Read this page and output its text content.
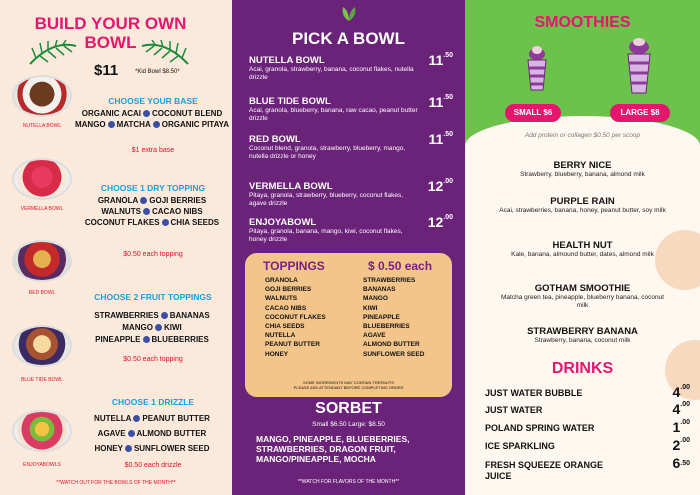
BUILD YOUR OWN
BOWL
$11	*Kid Bowl $8.50*
NUTELLA BOWL
VERMELLA BOWL
RED BOWL
BLUE TIDE BOWL
ENJOYABOWLS
CHOOSE YOUR BASE
ORGANIC ACAI COCONUT BLEND
MANGO MATCHA ORGANIC PITAYA
$1 extra base
CHOOSE 1 DRY TOPPING
GRANOLA GOJI BERRIES
WALNUTS CACAO NIBS
COCONUT FLAKES CHIA SEEDS
$0.50 each topping
CHOOSE 2 FRUIT TOPPINGS
STRAWBERRIES BANANAS
MANGO KIWI
PINEAPPLE BLUEBERRIES
$0.50 each topping
CHOOSE 1 DRIZZLE
NUTELLA PEANUT BUTTER
AGAVE ALMOND BUTTER
HONEY SUNFLOWER SEED
$0.50 each drizzle
**WATCH OUT FOR THE BOWLS OF THE MONTH**
PICK A BOWL
NUTELLA BOWL
Acai, granola, strawberry, banana, coconut flakes, nutella drizzle
$11^{.50}$
BLUE TIDE BOWL
Acai, granola, blueberry, banana, raw cacao, peanut butter drizzle
$11^{.50}$
RED BOWL
Coconut blend, granola, strawberry, blueberry, mango, nutella drizzle or honey
$11^{.50}$
VERMELLA BOWL
Pitaya, granola, strawberry, blueberry, coconut flakes, agave drizzle
$12^{.00}$
ENJOYABOWL
Pitaya, granola, banana, mango, kiwi, coconut flakes, honey drizzle
$12^{.00}$
TOPPINGS	$ 0.50 each
GRANOLA
GOJI BERRIES
WALNUTS
CACAO NIBS
COCONUT FLAKES
CHIA SEEDS
NUTELLA
PEANUT BUTTER
HONEY
STRAWBERRIES
BANANAS
MANGO
KIWI
PINEAPPLE
BLUEBERRIES
AGAVE
ALMOND BUTTER
SUNFLOWER SEED
SOME INGREDIENTS MAY CONTAIN TREENUTS
PLEASE ASK ATTENDANT BEFORE COMPLETING ORDER
SORBET
Small $6.50 Large: $8.50
MANGO, PINEAPPLE, BLUEBERRIES,
STRAWBERRIES, DRAGON FRUIT,
MANGO/PINEAPPLE, MOCHA
**WATCH FOR FLAVORS OF THE MONTH**
SMOOTHIES
SMALL $6	LARGE $8
Add protein or collagen $0.50 per scoop
BERRY NICE
Strawberry, blueberry, banana, almond milk
PURPLE RAIN
Acai, strawberries, banana, honey, peanut butter, soy milk
HEALTH NUT
Kale, banana, almound butter, dates, almond milk
GOTHAM SMOOTHIE
Matcha green tea, pineapple, blueberry banana, coconut milk
STRAWBERRY BANANA
Strawberry, banana, coconut milk
DRINKS
JUST WATER BUBBLE	$4^{.00}$
JUST WATER	$4^{.00}$
POLAND SPRING WATER	$1^{.00}$
ICE SPARKLING	$2^{.00}$
FRESH SQUEEZE ORANGE
JUICE
$6^{.50}$
